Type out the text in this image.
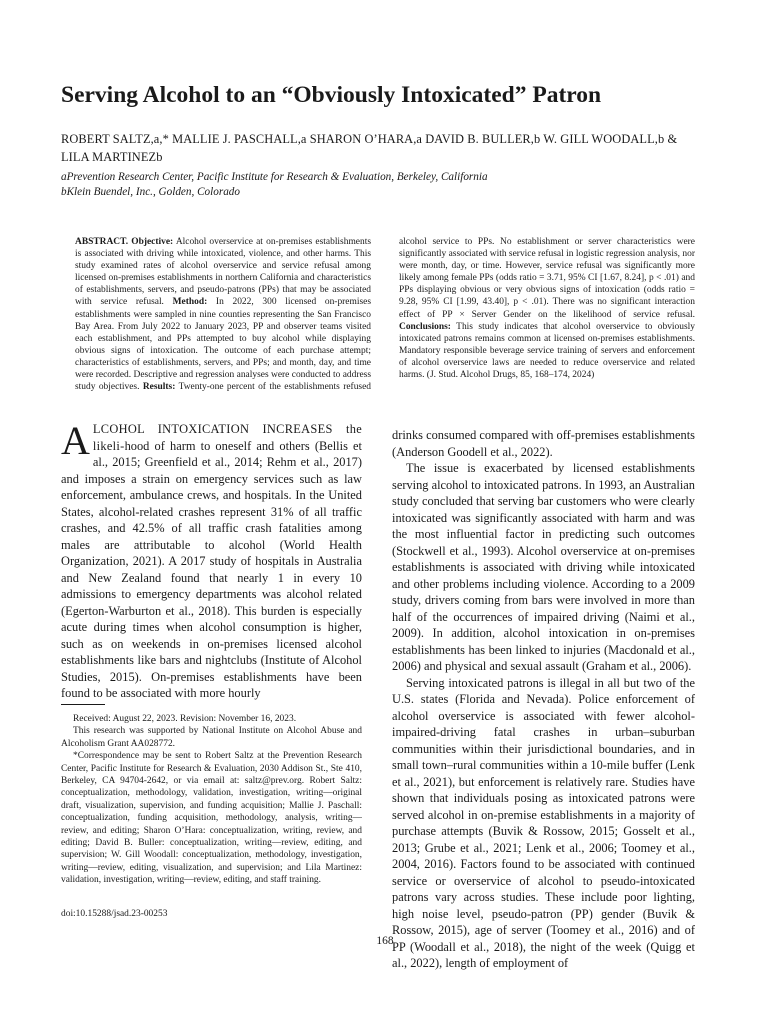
Serving Alcohol to an “Obviously Intoxicated” Patron
ROBERT SALTZ,a,* MALLIE J. PASCHALL,a SHARON O’HARA,a DAVID B. BULLER,b W. GILL WOODALL,b &
LILA MARTINEZb
aPrevention Research Center, Pacific Institute for Research & Evaluation, Berkeley, California
bKlein Buendel, Inc., Golden, Colorado

ABSTRACT. Objective: Alcohol overservice at on-premises establishments is associated with driving while intoxicated, violence, and other harms. This study examined rates of alcohol overservice and service refusal among licensed on-premises establishments in northern California and characteristics of establishments, servers, and pseudo-patrons (PPs) that may be associated with service refusal. Method: In 2022, 300 licensed on-premises establishments were sampled in nine counties representing the San Francisco Bay Area. From July 2022 to January 2023, PP and observer teams visited each establishment, and PPs attempted to buy alcohol while displaying obvious signs of intoxication. The outcome of each purchase attempt; characteristics of establishments, servers, and PPs; and month, day, and time were recorded. Descriptive and regression analyses were conducted to address study objectives. Results: Twenty-one percent of the establishments refused alcohol service to PPs. No establishment or server characteristics were significantly associated with service refusal in logistic regression analysis, nor were month, day, or time. However, service refusal was significantly more likely among female PPs (odds ratio = 3.71, 95% CI [1.67, 8.24], p < .01) and PPs displaying obvious or very obvious signs of intoxication (odds ratio = 9.28, 95% CI [1.99, 43.40], p < .01). There was no significant interaction effect of PP × Server Gender on the likelihood of service refusal. Conclusions: This study indicates that alcohol overservice to obviously intoxicated patrons remains common at licensed on-premises establishments. Mandatory responsible beverage service training of servers and enforcement of alcohol overservice laws are needed to reduce overservice and related harms. (J. Stud. Alcohol Drugs, 85, 168–174, 2024)

ALCOHOL INTOXICATION INCREASES the likeli-hood of harm to oneself and others (Bellis et al., 2015; Greenfield et al., 2014; Rehm et al., 2017) and imposes a strain on emergency services such as law enforcement, ambulance crews, and hospitals. In the United States, alcohol-related crashes represent 31% of all traffic crashes, and 42.5% of all traffic crash fatalities among males are attributable to alcohol (World Health Organization, 2021). A 2017 study of hospitals in Australia and New Zealand found that nearly 1 in every 10 admissions to emergency departments was alcohol related (Egerton-Warburton et al., 2018). This burden is especially acute during times when alcohol consumption is higher, such as on weekends in on-premises licensed alcohol establishments like bars and nightclubs (Institute of Alcohol Studies, 2015). On-premises establishments have been found to be associated with more hourly

Received: August 22, 2023. Revision: November 16, 2023.

This research was supported by National Institute on Alcohol Abuse and Alcoholism Grant AA028772.

*Correspondence may be sent to Robert Saltz at the Prevention Research Center, Pacific Institute for Research & Evaluation, 2030 Addison St., Ste 410, Berkeley, CA 94704-2642, or via email at: saltz@prev.org. Robert Saltz: conceptualization, methodology, validation, investigation, writing—original draft, visualization, supervision, and funding acquisition; Mallie J. Paschall: conceptualization, funding acquisition, methodology, analysis, writing—review, and editing; Sharon O’Hara: conceptualization, writing, review, and editing; David B. Buller: conceptualization, writing—review, editing, and supervision; W. Gill Woodall: conceptualization, methodology, investigation, writing—review, editing, visualization, and supervision; and Lila Martinez: validation, investigation, writing—review, editing, and staff training.

doi:10.15288/jsad.23-00253

drinks consumed compared with off-premises establishments (Anderson Goodell et al., 2022).

The issue is exacerbated by licensed establishments serving alcohol to intoxicated patrons. In 1993, an Australian study concluded that serving bar customers who were clearly intoxicated was significantly associated with harm and was the most influential factor in predicting such outcomes (Stockwell et al., 1993). Alcohol overservice at on-premises establishments is associated with driving while intoxicated and other problems including violence. According to a 2009 study, drivers coming from bars were involved in more than half of the occurrences of impaired driving (Naimi et al., 2009). In addition, alcohol intoxication in on-premises establishments has been linked to injuries (Macdonald et al., 2006) and physical and sexual assault (Graham et al., 2006).

Serving intoxicated patrons is illegal in all but two of the U.S. states (Florida and Nevada). Police enforcement of alcohol overservice is associated with fewer alcohol-impaired-driving fatal crashes in urban–suburban communities within their jurisdictional boundaries, and in small town–rural communities within a 10-mile buffer (Lenk et al., 2021), but enforcement is relatively rare. Studies have shown that individuals posing as intoxicated patrons were served alcohol in on-premise establishments in a majority of purchase attempts (Buvik & Rossow, 2015; Gosselt et al., 2013; Grube et al., 2021; Lenk et al., 2006; Toomey et al., 2004, 2016). Factors found to be associated with continued service or overservice of alcohol to pseudo-intoxicated patrons vary across studies. These include poor lighting, high noise level, pseudo-patron (PP) gender (Buvik & Rossow, 2015), age of server (Toomey et al., 2016) and of PP (Woodall et al., 2018), the night of the week (Quigg et al., 2022), length of employment of

168
